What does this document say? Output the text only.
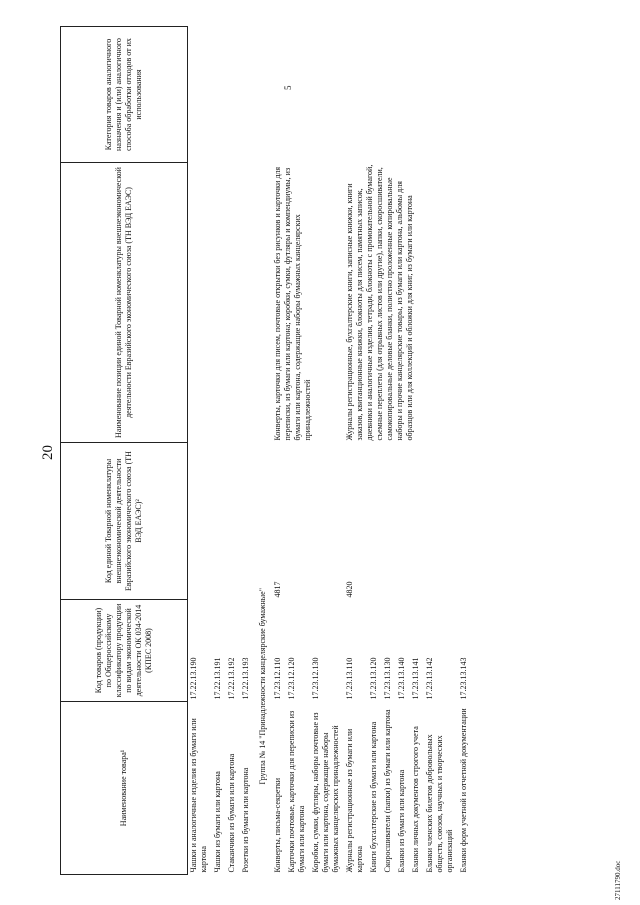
20
5
Наименование товара¹	Код товаров (продукции) по Общероссийскому классификатору продукции по видам экономической деятельности ОК 034-2014 (КПЕС 2008)	Код единой Товарной номенклатуры внешнеэкономической деятельности Евразийского экономического союза (ТН ВЭД ЕАЭС)²	Наименование позиции единой Товарной номенклатуры внешнеэкономической деятельности Евразийского экономического союза (ТН ВЭД ЕАЭС)	Категория товаров аналогичного назначения и (или) аналогичного способа обработки отходов от их использования
Чашки и аналогичные изделия из бумаги или картона	17.22.13.190			
Чашки из бумаги или картона	17.22.13.191			
Стаканчики из бумаги или картона	17.22.13.192			
Розетки из бумаги или картона	17.22.13.193			
Группа № 14 "Принадлежности канцелярские бумажные"				
Конверты, письма-секретки	17.23.12.110	4817	Конверты, карточки для писем, почтовые открытки без рисунков и карточки для переписки, из бумаги или картона; коробки, сумки, футляры и компендиумы, из бумаги или картона, содержащие наборы бумажных канцелярских принадлежностей	
Карточки почтовые, карточки для переписки из бумаги или картона	17.23.12.120			
Коробки, сумки, футляры, наборы почтовые из бумаги или картона, содержащие наборы бумажных канцелярских принадлежностей	17.23.12.130			
Журналы регистрационные из бумаги или картона	17.23.13.110	4820	Журналы регистрационные, бухгалтерские книги, записные книжки, книги заказов, квитанционные книжки, блокноты для писем, памятных записок, дневники и аналогичные изделия, тетради, блокноты с промокательной бумагой, съемные переплеты (для отрывных листов или другие), папки, скоросшиватели, самокопировальные деловые бланки, полистно проложенные копировальные наборы и прочие канцелярские товары, из бумаги или картона, альбомы для образцов или для коллекций и обложки для книг, из бумаги или картона	
Книги бухгалтерские из бумаги или картона	17.23.13.120			
Скоросшиватели (папки) из бумаги или картона	17.23.13.130			
Бланки из бумаги или картона	17.23.13.140			
Бланки личных документов строгого учета	17.23.13.141			
Бланки членских билетов добровольных обществ, союзов, научных и творческих организаций	17.23.13.142			
Бланки форм учетной и отчетной документации	17.23.13.143			
27111790.doc
